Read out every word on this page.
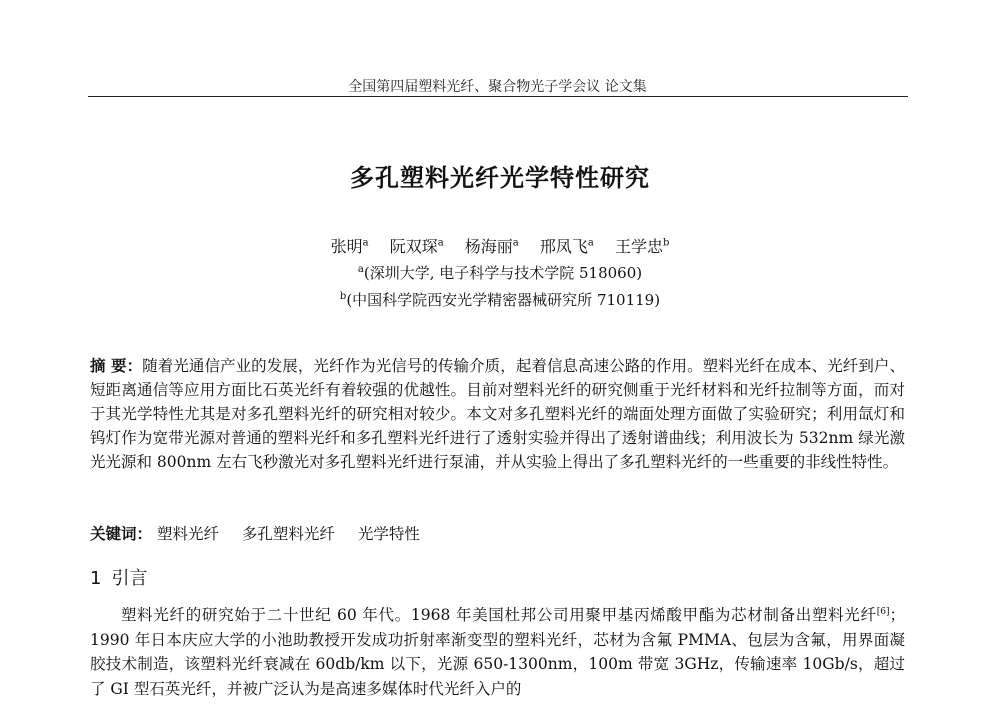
全国第四届塑料光纤、聚合物光子学会议 论文集
多孔塑料光纤光学特性研究
张明$^a$ 阮双琛$^a$ 杨海丽$^a$ 邢凤飞$^a$ 王学忠$^b$
$^a$(深圳大学, 电子科学与技术学院 518060)
$^b$(中国科学院西安光学精密器械研究所 710119)
摘 要：随着光通信产业的发展，光纤作为光信号的传输介质，起着信息高速公路的作用。塑料光纤在成本、光纤到户、短距离通信等应用方面比石英光纤有着较强的优越性。目前对塑料光纤的研究侧重于光纤材料和光纤拉制等方面，而对于其光学特性尤其是对多孔塑料光纤的研究相对较少。本文对多孔塑料光纤的端面处理方面做了实验研究；利用氙灯和钨灯作为宽带光源对普通的塑料光纤和多孔塑料光纤进行了透射实验并得出了透射谱曲线；利用波长为 532nm 绿光激光光源和 800nm 左右飞秒激光对多孔塑料光纤进行泵浦，并从实验上得出了多孔塑料光纤的一些重要的非线性特性。
关键词： 塑料光纤 多孔塑料光纤 光学特性
1 引言
塑料光纤的研究始于二十世纪 60 年代。1968 年美国杜邦公司用聚甲基丙烯酸甲酯为芯材制备出塑料光纤[6]；1990 年日本庆应大学的小池助教授开发成功折射率渐变型的塑料光纤，芯材为含氟 PMMA、包层为含氟，用界面凝胶技术制造，该塑料光纤衰减在 60db/km 以下，光源 650-1300nm，100m 带宽 3GHz，传输速率 10Gb/s，超过了 GI 型石英光纤，并被广泛认为是高速多媒体时代光纤入户的
